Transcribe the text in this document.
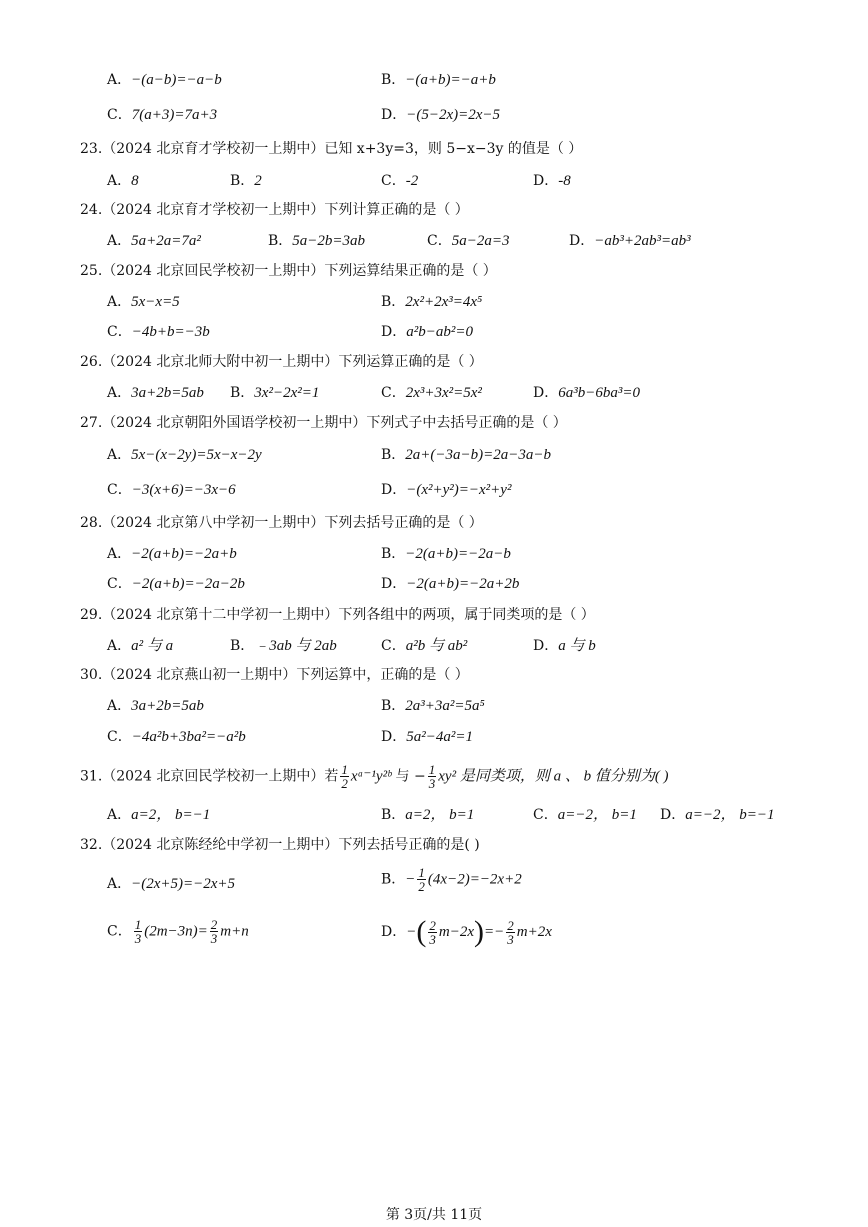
A．−(a−b)=−a−b	B．−(a+b)=−a+b
C．7(a+3)=7a+3	D．−(5−2x)=2x−5
23.（2024 北京育才学校初一上期中）已知 x+3y=3，则 5−x−3y 的值是（ ）
A．8	B．2	C．-2	D．-8
24.（2024 北京育才学校初一上期中）下列计算正确的是（ ）
A．5a+2a=7a²	B．5a−2b=3ab	C．5a−2a=3	D．−ab³+2ab³=ab³
25.（2024 北京回民学校初一上期中）下列运算结果正确的是（ ）
A．5x−x=5	B．2x²+2x³=4x⁵
C．−4b+b=−3b	D．a²b−ab²=0
26.（2024 北京北师大附中初一上期中）下列运算正确的是（ ）
A．3a+2b=5ab B．3x²−2x²=1	C．2x³+3x²=5x²	D．6a³b−6ba³=0
27.（2024 北京朝阳外国语学校初一上期中）下列式子中去括号正确的是（ ）
A．5x−(x−2y)=5x−x−2y	B．2a+(−3a−b)=2a−3a−b
C．−3(x+6)=−3x−6	D．−(x²+y²)=−x²+y²
28.（2024 北京第八中学初一上期中）下列去括号正确的是（ ）
A．−2(a+b)=−2a+b	B．−2(a+b)=−2a−b
C．−2(a+b)=−2a−2b	D．−2(a+b)=−2a+2b
29.（2024 北京第十二中学初一上期中）下列各组中的两项，属于同类项的是（ ）
A．a² 与 a	B．﹣3ab 与 2ab	C．a²b 与 ab²	D．a 与 b
30.（2024 北京燕山初一上期中）下列运算中，正确的是（ ）
A．3a+2b=5ab	B．2a³+3a²=5a⁵
C．−4a²b+3ba²=−a²b	D．5a²−4a²=1
31.（2024 北京回民学校初一上期中）若 $\frac{1}{2}$ xᵃ⁻¹y²ᵇ 与 − $\frac{1}{3} xy^2$ 是同类项，则 a 、 b 值分别为( )
A．a=2， b=−1	B．a=2， b=1	C．a=−2， b=1 D．a=−2， b=−1
32.（2024 北京陈经纶中学初一上期中）下列去括号正确的是( )
A．−(2x+5)=−2x+5	B．− $\frac{1}{2} (4x-2)=-2x+2$
C． $\frac{1}{3} (2m-3n)= \frac{2}{3} m+n$	D．−( $\frac{2}{3} m-2x)=- \frac{2}{3} m+2x$
第 3页/共 11页
